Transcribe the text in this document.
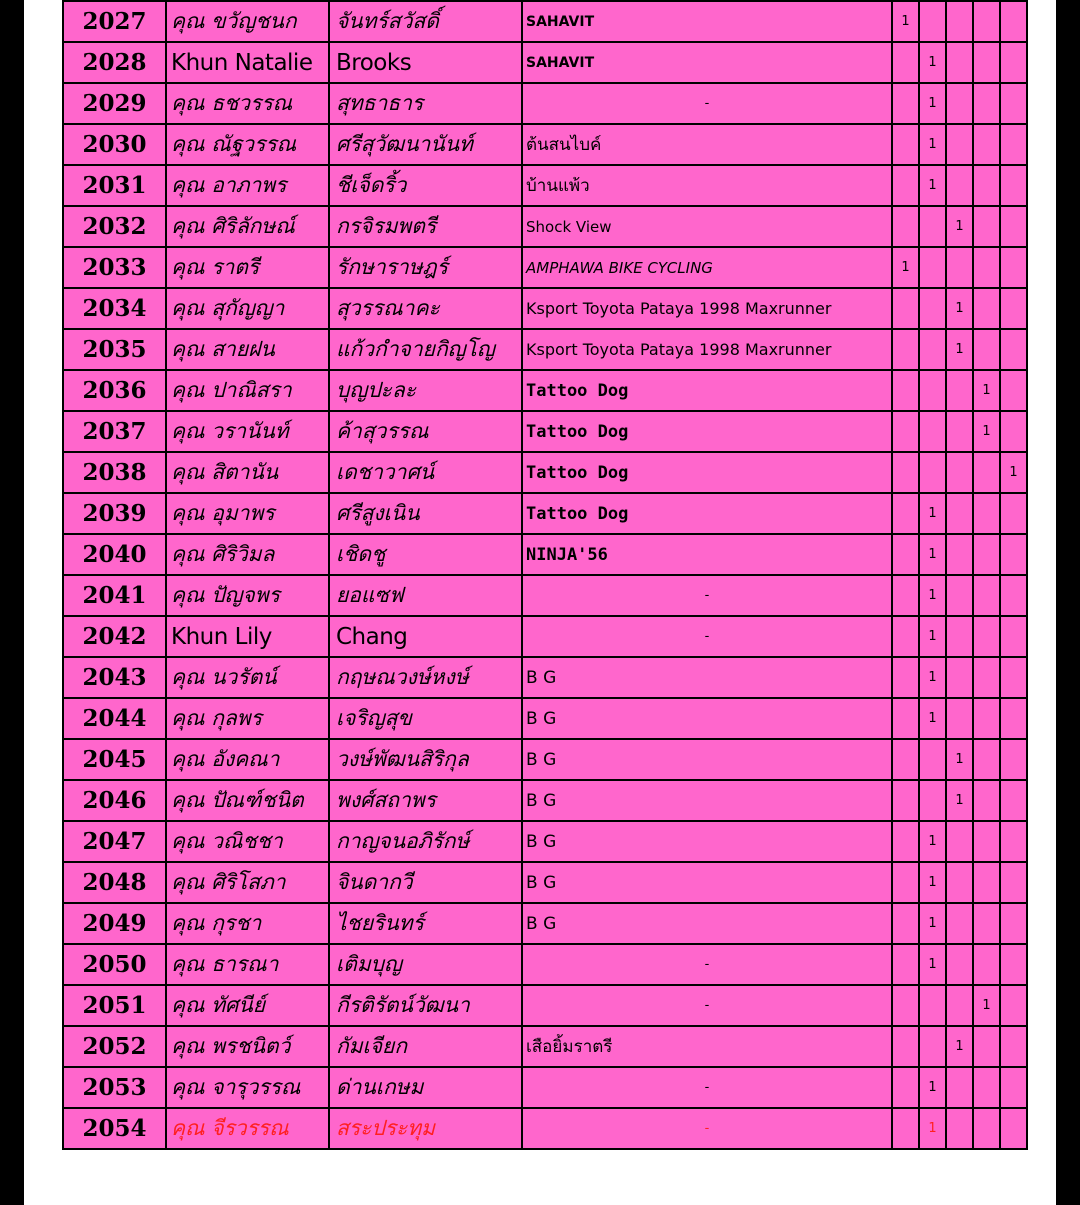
2027	คุณ ขวัญชนก	จันทร์สวัสดิ์	SAHAVIT	1				
2028	Khun Natalie	Brooks	SAHAVIT		1			
2029	คุณ ธชวรรณ	สุทธาธาร	-		1			
2030	คุณ ณัฐวรรณ	ศรีสุวัฒนานันท์	ต้นสนไบค์		1			
2031	คุณ อาภาพร	ชีเจ็ดริ้ว	บ้านแพ้ว		1			
2032	คุณ ศิริลักษณ์	กรจิรมพตรี	Shock View			1		
2033	คุณ ราตรี	รักษาราษฎร์	AMPHAWA BIKE CYCLING	1				
2034	คุณ สุกัญญา	สุวรรณาคะ	Ksport Toyota Pataya 1998 Maxrunner			1		
2035	คุณ สายฝน	แก้วกำจายกิญโญ	Ksport Toyota Pataya 1998 Maxrunner			1		
2036	คุณ ปาณิสรา	บุญปะละ	Tattoo Dog				1	
2037	คุณ วรานันท์	ค้าสุวรรณ	Tattoo Dog				1	
2038	คุณ สิตานัน	เดชาวาศน์	Tattoo Dog					1
2039	คุณ อุมาพร	ศรีสูงเนิน	Tattoo Dog		1			
2040	คุณ ศิริวิมล	เชิดชู	NINJA'56		1			
2041	คุณ ปัญจพร	ยอแซฟ	-		1			
2042	Khun Lily	Chang	-		1			
2043	คุณ นวรัตน์	กฤษณวงษ์หงษ์	B G		1			
2044	คุณ กุลพร	เจริญสุข	B G		1			
2045	คุณ อังคณา	วงษ์พัฒนสิริกุล	B G			1		
2046	คุณ ปัณฑ์ชนิต	พงศ์สถาพร	B G			1		
2047	คุณ วณิชชา	กาญจนอภิรักษ์	B G		1			
2048	คุณ ศิริโสภา	จินดากวี	B G		1			
2049	คุณ กุรชา	ไชยรินทร์	B G		1			
2050	คุณ ธารณา	เติมบุญ	-		1			
2051	คุณ ทัศนีย์	กีรติรัตน์วัฒนา	-				1	
2052	คุณ พรชนิตว์	กัมเจียก	เสือยิ้มราตรี			1		
2053	คุณ จารุวรรณ	ด่านเกษม	-		1			
2054	คุณ จีรวรรณ	สระประทุม	-		1			
